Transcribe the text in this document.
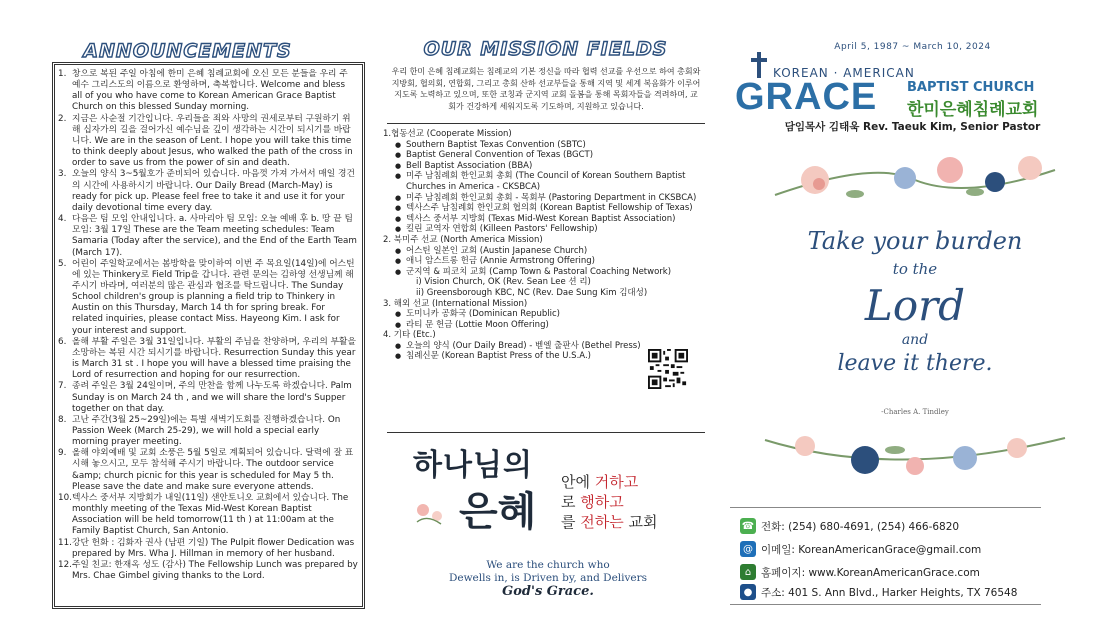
ANNOUNCEMENTS
1. 창으로 복된 주일 아침에 한미 은혜 침례교회에 오신 모든 분들을 우리 주 예수 그리스도의 이름으로 환영하며, 축복합니다. Welcome and bless all of you who have come to Korean American Grace Baptist Church on this blessed Sunday morning.
2. 지금은 사순절 기간입니다. 우리들을 죄와 사망의 권세로부터 구원하기 위해 십자가의 길을 걸어가신 예수님을 깊이 생각하는 시간이 되시기를 바랍니다. We are in the season of Lent. I hope you will take this time to think deeply about Jesus, who walked the path of the cross in order to save us from the power of sin and death.
3. 오늘의 양식 3~5월호가 준비되어 있습니다. 마음껏 가져 가셔서 매일 경건의 시간에 사용하시기 바랍니다. Our Daily Bread (March-May) is ready for pick up. Please feel free to take it and use it for your daily devotional time every day.
4. 다음은 팀 모임 안내입니다. a. 사마리아 팀 모임: 오늘 예배 후 b. 땅 끝 팀 모임: 3월 17일 These are the Team meeting schedules: Team Samaria (Today after the service), and the End of the Earth Team (March 17).
5. 어린이 주일학교에서는 봄방학을 맞이하여 이번 주 목요일(14일)에 어스틴에 있는 Thinkery로 Field Trip을 갑니다. 관련 문의는 김하영 선생님께 해 주시기 바라며, 여러분의 많은 관심과 협조를 탁드립니다. The Sunday School children's group is planning a field trip to Thinkery in Austin on this Thursday, March 14 th for spring break. For related inquiries, please contact Miss. Hayeong Kim. I ask for your interest and support.
6. 올해 부활 주일은 3월 31일입니다. 부활의 주님을 찬양하며, 우리의 부활을 소망하는 복된 시간 되시기를 바랍니다. Resurrection Sunday this year is March 31 st . I hope you will have a blessed time praising the Lord of resurrection and hoping for our resurrection.
7. 종려 주일은 3월 24일이며, 주의 만찬을 함께 나누도록 하겠습니다. Palm Sunday is on March 24 th , and we will share the lord's Supper together on that day.
8. 고난 주간(3월 25~29일)에는 특별 새벽기도회를 진행하겠습니다. On Passion Week (March 25-29), we will hold a special early morning prayer meeting.
9. 올해 야외예배 및 교회 소풍은 5월 5일로 계획되어 있습니다. 달력에 잘 표시해 놓으시고, 모두 참석해 주시기 바랍니다. The outdoor service &amp; church picnic for this year is scheduled for May 5 th. Please save the date and make sure everyone attends.
10. 텍사스 중서부 지방회가 내일(11일) 샌안토니오 교회에서 있습니다. The monthly meeting of the Texas Mid-West Korean Baptist Association will be held tomorrow(11 th ) at 11:00am at the Family Baptist Church, San Antonio.
11. 강단 헌화 : 김화자 권사 (남편 기일) The Pulpit flower Dedication was prepared by Mrs. Wha J. Hillman in memory of her husband.
12. 주일 친교: 한재옥 성도 (감사) The Fellowship Lunch was prepared by Mrs. Chae Gimbel giving thanks to the Lord.
OUR MISSION FIELDS
우리 한미 은혜 침례교회는 침례교의 기본 정신을 따라 협력 선교를 우선으로 하여 총회와 지방회, 협의회, 연합회, 그리고 총회 산하 선교부들을 통해 지역 및 세계 복음화가 이루어지도록 노력하고 있으며, 또한 코칭과 군지역 교회 돌봄을 통해 목회자들을 격려하며, 교회가 건강하게 세워지도록 기도하며, 지원하고 있습니다.
1.협동선교 (Cooperate Mission)
● Southern Baptist Texas Convention (SBTC)
● Baptist General Convention of Texas (BGCT)
● Bell Baptist Association (BBA)
● 미주 남침례회 한인교회 총회 (The Council of Korean Southern Baptist Churches in America - CKSBCA)
● 미주 남침례회 한인교회 총회 - 목회부 (Pastoring Department in CKSBCA)
● 텍사스주 남침례회 한인교회 협의회 (Korean Baptist Fellowship of Texas)
● 텍사스 중서부 지방회 (Texas Mid-West Korean Baptist Association)
● 킬린 교역자 연합회 (Killeen Pastors' Fellowship)
2. 북미주 선교 (North America Mission)
● 어스틴 일본인 교회 (Austin Japanese Church)
● 애니 암스트롱 헌금 (Annie Armstrong Offering)
● 군지역 & 피코치 교회 (Camp Town & Pastoral Coaching Network)
i) Vision Church, OK (Rev. Sean Lee 션 리)
ii) Greensborough KBC, NC (Rev. Dae Sung Kim 김대성)
3. 해외 선교 (International Mission)
● 도미니카 공화국 (Dominican Republic)
● 라티 문 헌금 (Lottie Moon Offering)
4. 기타 (Etc.)
● 오늘의 양식 (Our Daily Bread) - 벧엘 출판사 (Bethel Press)
● 침례신문 (Korean Baptist Press of the U.S.A.)
하나님의
은혜
안에 거하고
로 행하고
를 전하는 교회
We are the church who
Dewells in, is Driven by, and Delivers
God's Grace.
April 5, 1987 ~ March 10, 2024
KOREAN · AMERICAN
GRACE BAPTIST CHURCH
한미은혜침례교회
담임목사 김태욱 Rev. Taeuk Kim, Senior Pastor
Take your burden
to the
Lord
and
leave it there.
-Charles A. Tindley
☎ 전화: (254) 680-4691, (254) 466-6820
@ 이메일: KoreanAmericanGrace@gmail.com
⌂ 홈페이지: www.KoreanAmericanGrace.com
● 주소: 401 S. Ann Blvd., Harker Heights, TX 76548
